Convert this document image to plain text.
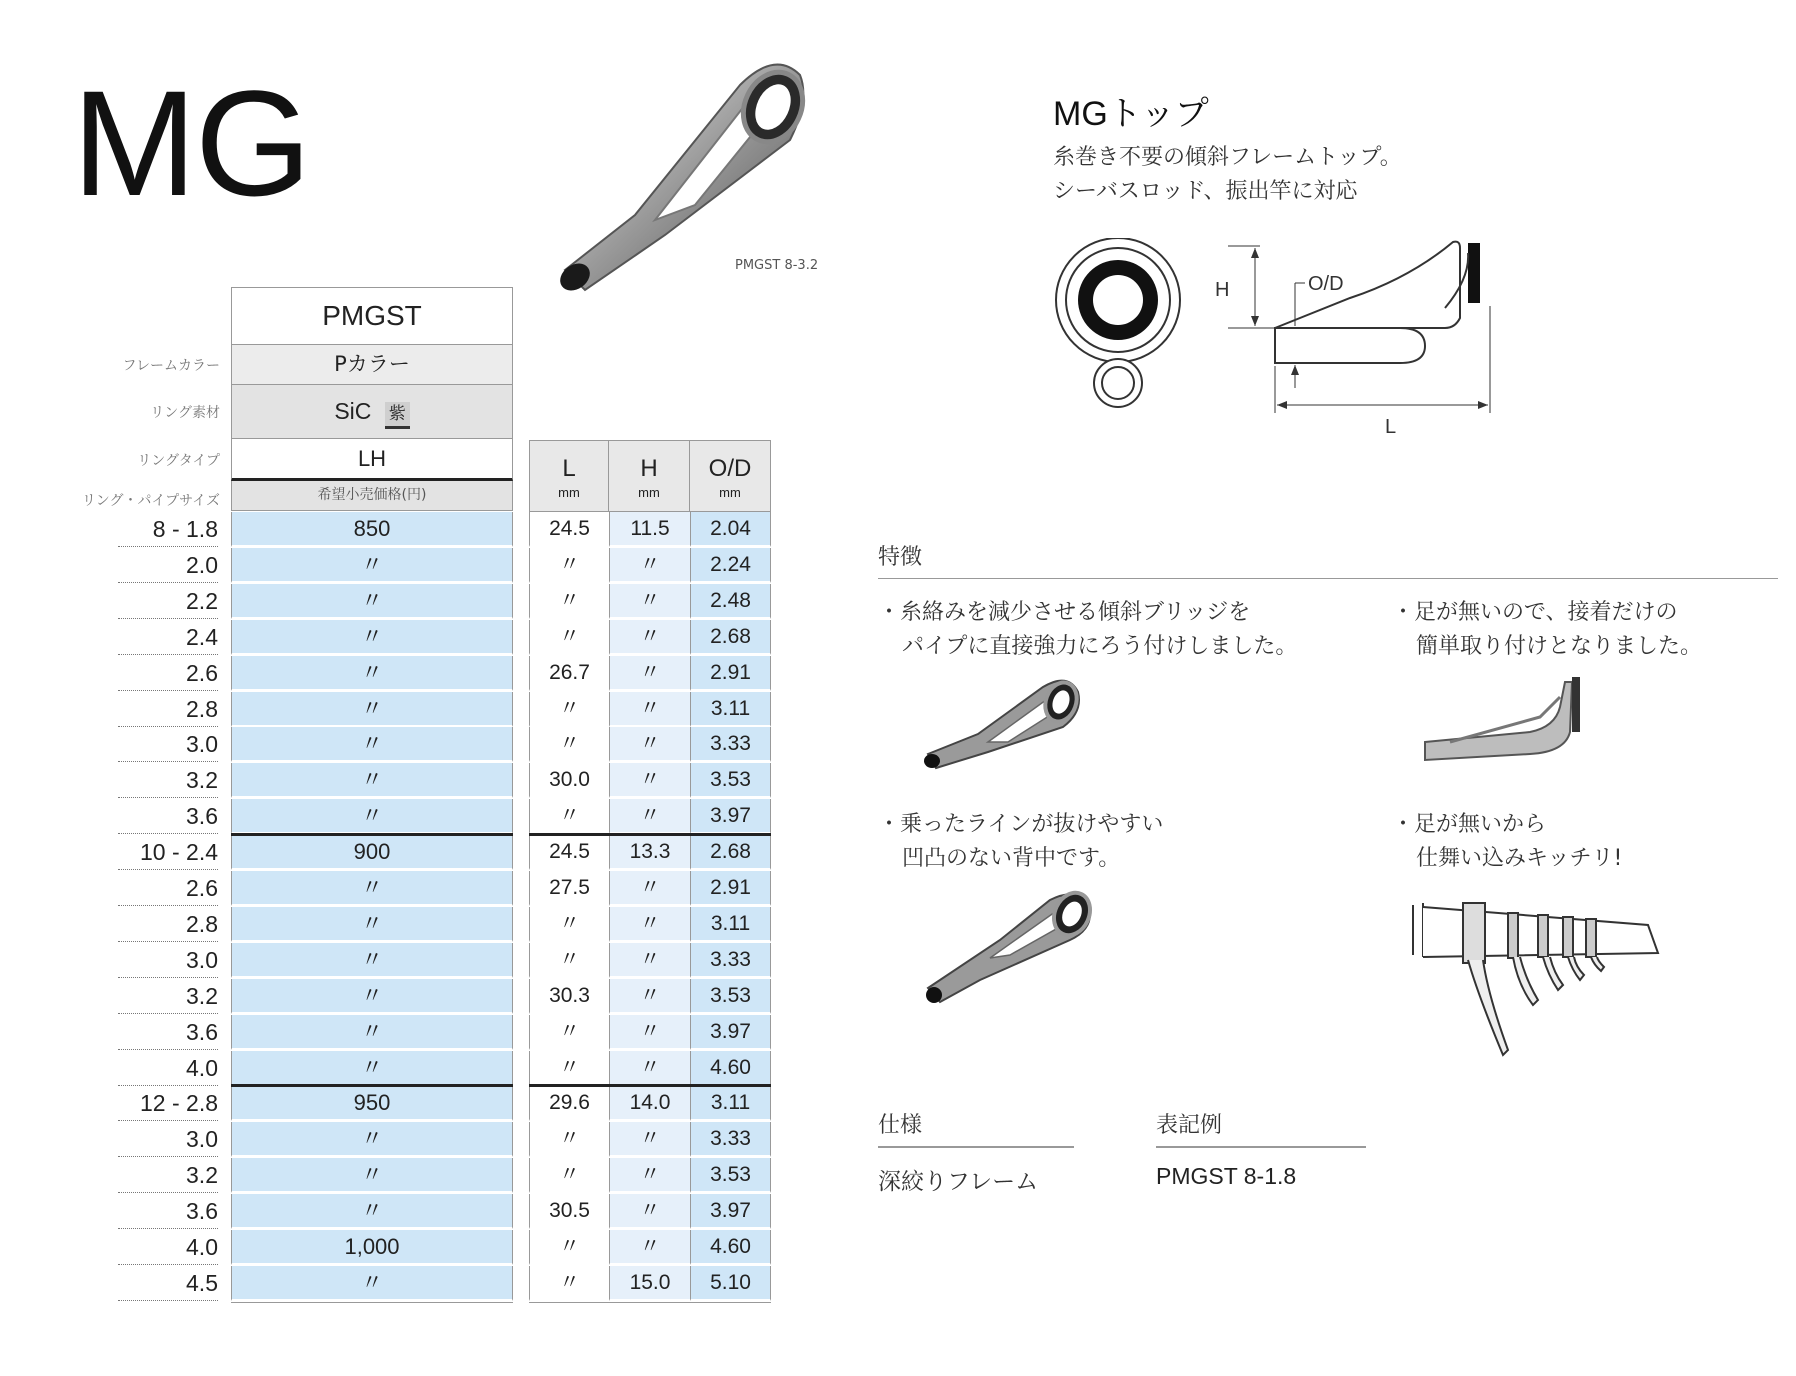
MG
PMGST 8-3.2
フレームカラー
リング素材
リングタイプ
リング・パイプサイズ
PMGST
Pカラー
SiC 紫
LH
希望小売価格(円)
L
mm
H
mm
O/D
mm
8 - 1.8	850	24.5	11.5	2.04
2.0	〃	〃	〃	2.24
2.2	〃	〃	〃	2.48
2.4	〃	〃	〃	2.68
2.6	〃	26.7	〃	2.91
2.8	〃	〃	〃	3.11
3.0	〃	〃	〃	3.33
3.2	〃	30.0	〃	3.53
3.6	〃	〃	〃	3.97
10 - 2.4	900	24.5	13.3	2.68
2.6	〃	27.5	〃	2.91
2.8	〃	〃	〃	3.11
3.0	〃	〃	〃	3.33
3.2	〃	30.3	〃	3.53
3.6	〃	〃	〃	3.97
4.0	〃	〃	〃	4.60
12 - 2.8	950	29.6	14.0	3.11
3.0	〃	〃	〃	3.33
3.2	〃	〃	〃	3.53
3.6	〃	30.5	〃	3.97
4.0	1,000	〃	〃	4.60
4.5	〃	〃	15.0	5.10
MGトップ
糸巻き不要の傾斜フレームトップ。
シーバスロッド、振出竿に対応
H	O/D
L
特徴
・糸絡みを減少させる傾斜ブリッジを
パイプに直接強力にろう付けしました。
・足が無いので、接着だけの
簡単取り付けとなりました。
・乗ったラインが抜けやすい
凹凸のない背中です。
・足が無いから
仕舞い込みキッチリ!
仕様
深絞りフレーム
表記例
PMGST 8-1.8
